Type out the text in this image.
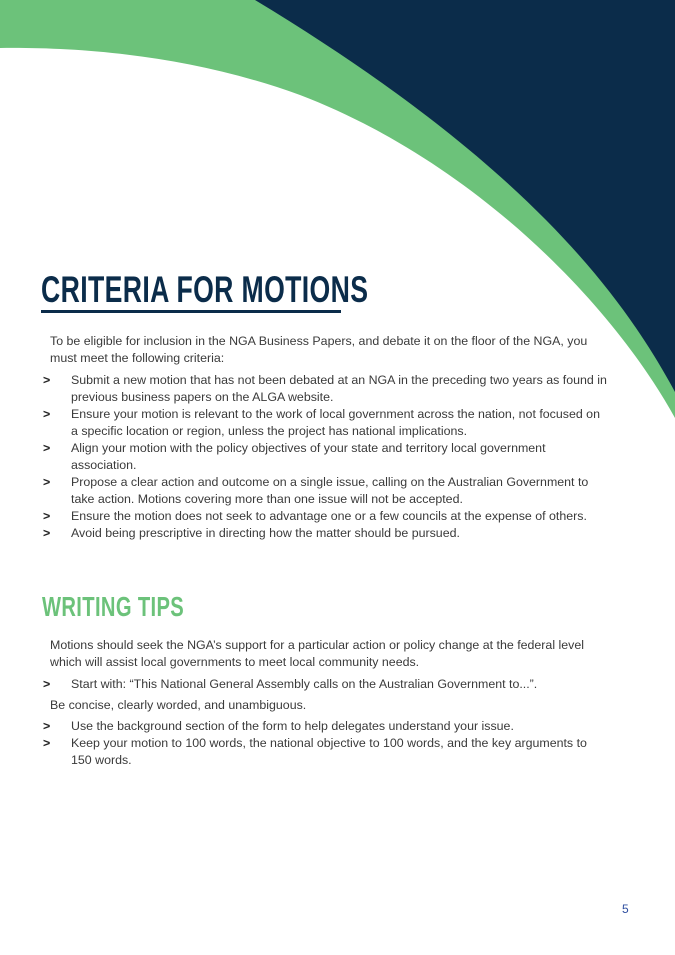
CRITERIA FOR MOTIONS

To be eligible for inclusion in the NGA Business Papers, and debate it on the floor of the NGA, you must meet the following criteria:

> Submit a new motion that has not been debated at an NGA in the preceding two years as found in previous business papers on the ALGA website.
> Ensure your motion is relevant to the work of local government across the nation, not focused on a specific location or region, unless the project has national implications.
> Align your motion with the policy objectives of your state and territory local government association.
> Propose a clear action and outcome on a single issue, calling on the Australian Government to take action. Motions covering more than one issue will not be accepted.
> Ensure the motion does not seek to advantage one or a few councils at the expense of others.
> Avoid being prescriptive in directing how the matter should be pursued.
WRITING TIPS

Motions should seek the NGA’s support for a particular action or policy change at the federal level which will assist local governments to meet local community needs.

> Start with: “This National General Assembly calls on the Australian Government to...”.

Be concise, clearly worded, and unambiguous.

> Use the background section of the form to help delegates understand your issue.
> Keep your motion to 100 words, the national objective to 100 words, and the key arguments to 150 words.
5
